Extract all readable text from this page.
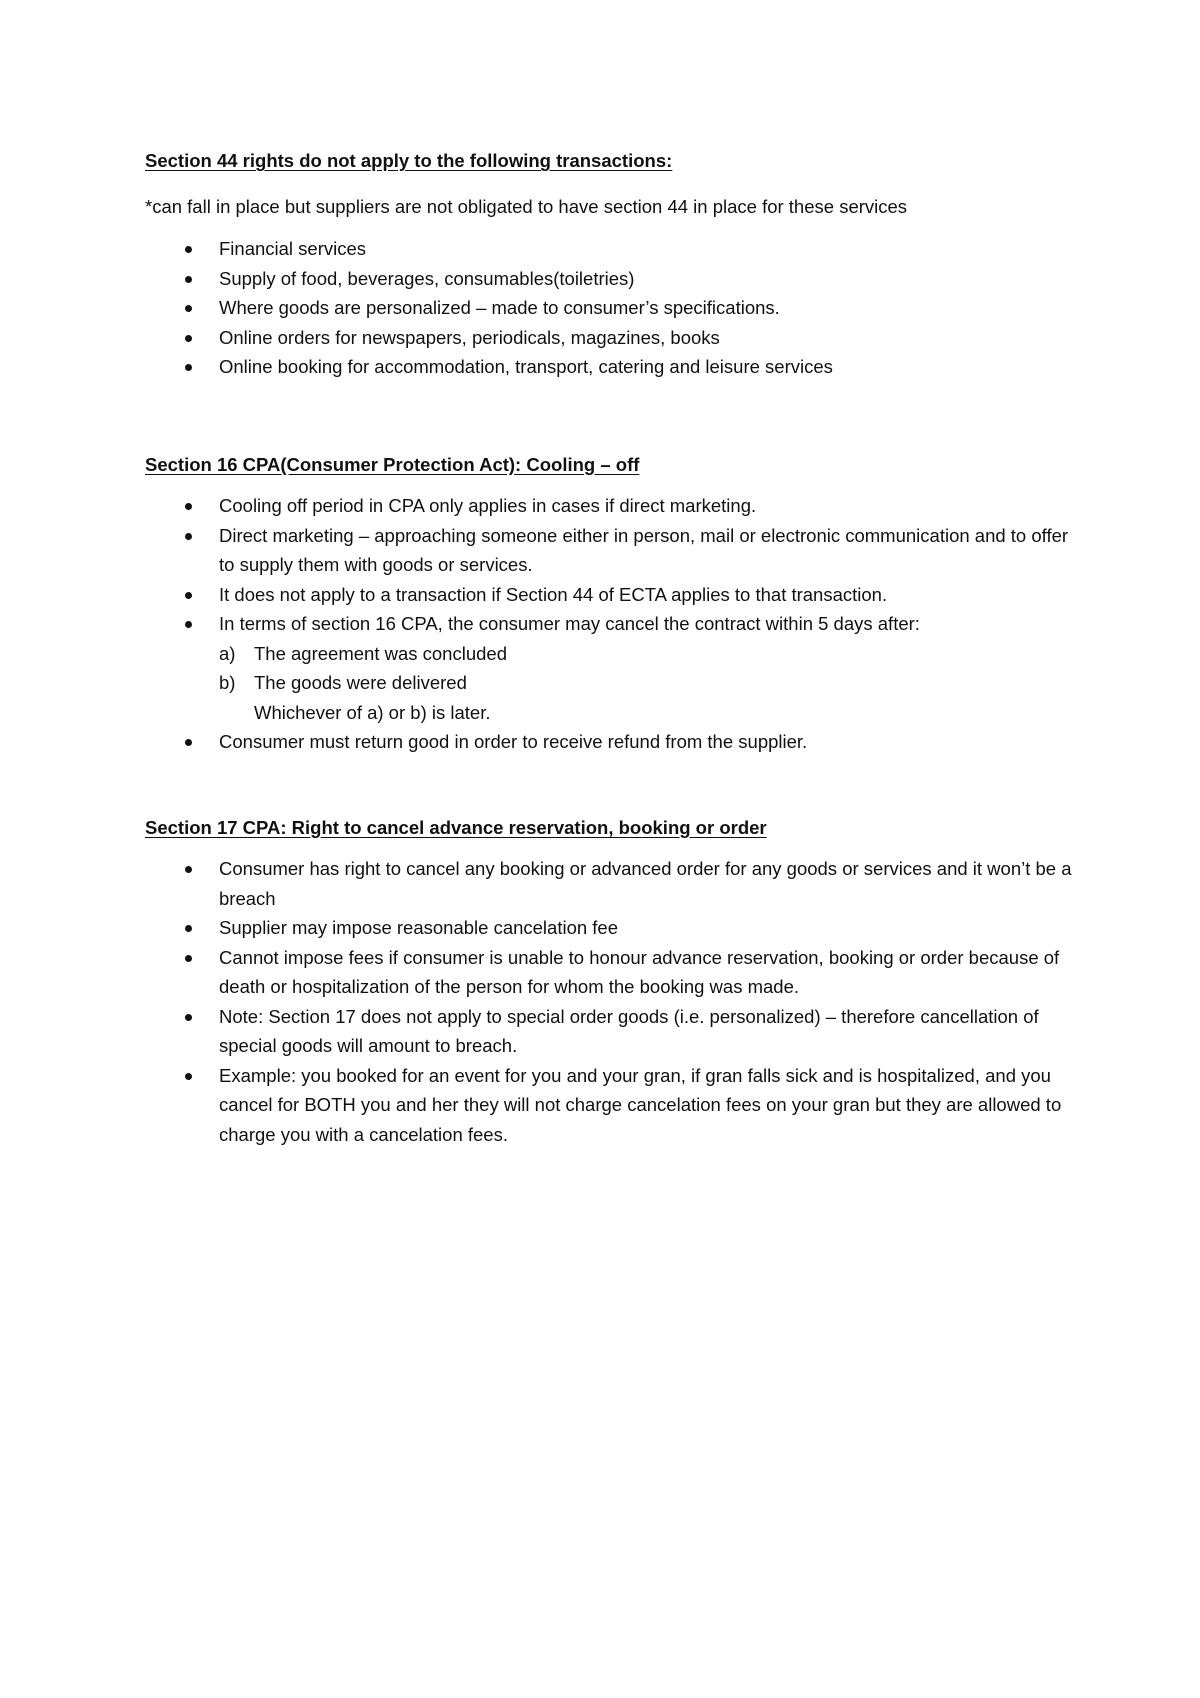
Section 44 rights do not apply to the following transactions:

*can fall in place but suppliers are not obligated to have section 44 in place for these services

Financial services
Supply of food, beverages, consumables(toiletries)
Where goods are personalized – made to consumer’s specifications.
Online orders for newspapers, periodicals, magazines, books
Online booking for accommodation, transport, catering and leisure services

Section 16 CPA(Consumer Protection Act): Cooling – off

Cooling off period in CPA only applies in cases if direct marketing.
Direct marketing – approaching someone either in person, mail or electronic communication and to offer to supply them with goods or services.
It does not apply to a transaction if Section 44 of ECTA applies to that transaction.
In terms of section 16 CPA, the consumer may cancel the contract within 5 days after:
a) The agreement was concluded
b) The goods were delivered
Whichever of a) or b) is later.
Consumer must return good in order to receive refund from the supplier.

Section 17 CPA: Right to cancel advance reservation, booking or order

Consumer has right to cancel any booking or advanced order for any goods or services and it won’t be a breach
Supplier may impose reasonable cancelation fee
Cannot impose fees if consumer is unable to honour advance reservation, booking or order because of death or hospitalization of the person for whom the booking was made.
Note: Section 17 does not apply to special order goods (i.e. personalized) – therefore cancellation of special goods will amount to breach.
Example: you booked for an event for you and your gran, if gran falls sick and is hospitalized, and you cancel for BOTH you and her they will not charge cancelation fees on your gran but they are allowed to charge you with a cancelation fees.
